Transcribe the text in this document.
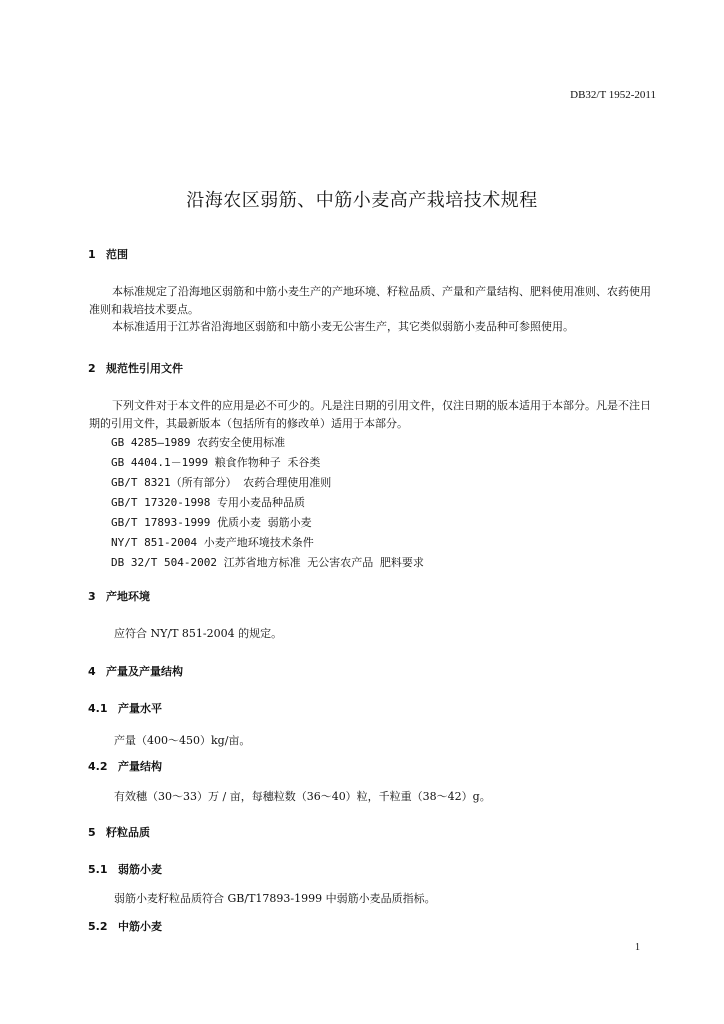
DB32/T 1952-2011
沿海农区弱筋、中筋小麦高产栽培技术规程
1 范围

本标准规定了沿海地区弱筋和中筋小麦生产的产地环境、籽粒品质、产量和产量结构、肥料使用准则、农药使用准则和栽培技术要点。

本标准适用于江苏省沿海地区弱筋和中筋小麦无公害生产，其它类似弱筋小麦品种可参照使用。

2 规范性引用文件

下列文件对于本文件的应用是必不可少的。凡是注日期的引用文件，仅注日期的版本适用于本部分。凡是不注日期的引用文件，其最新版本（包括所有的修改单）适用于本部分。

GB 4285—1989 农药安全使用标准
GB 4404.1－1999 粮食作物种子 禾谷类
GB/T 8321（所有部分） 农药合理使用准则
GB/T 17320-1998 专用小麦品种品质
GB/T 17893-1999 优质小麦 弱筋小麦
NY/T 851-2004 小麦产地环境技术条件
DB 32/T 504-2002 江苏省地方标准 无公害农产品 肥料要求
3 产地环境
应符合 NY/T 851-2004 的规定。
4 产量及产量结构
4.1 产量水平
产量（400～450）kg/亩。
4.2 产量结构
有效穗（30～33）万 / 亩，每穗粒数（36～40）粒，千粒重（38～42）g。
5 籽粒品质
5.1 弱筋小麦
弱筋小麦籽粒品质符合 GB/T17893-1999 中弱筋小麦品质指标。
5.2 中筋小麦
1
